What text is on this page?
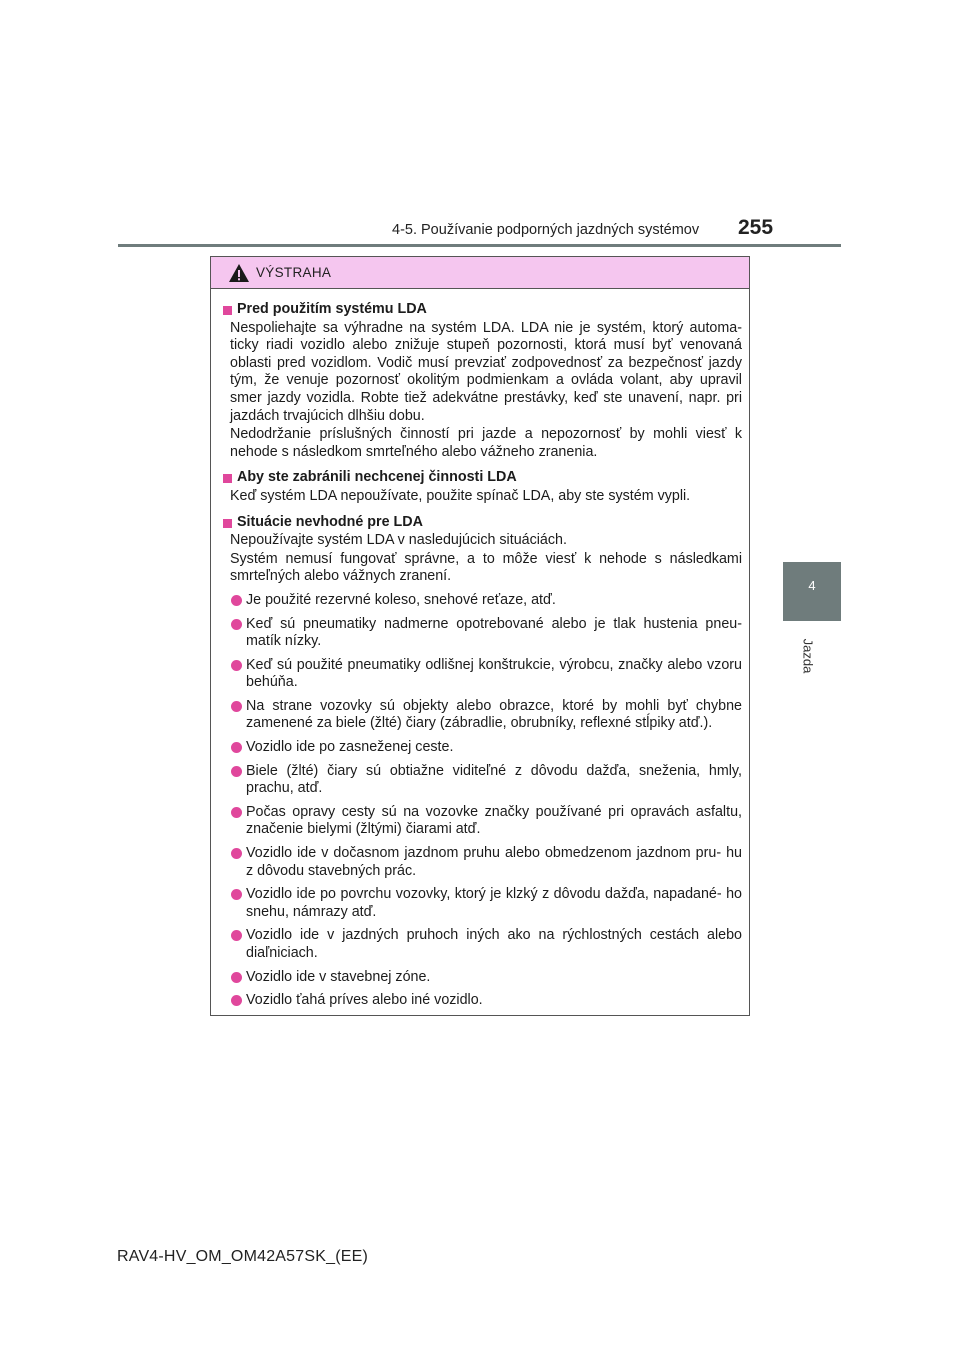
4-5. Používanie podporných jazdných systémov 255
4
Jazda
VÝSTRAHA
Pred použitím systému LDA

Nespoliehajte sa výhradne na systém LDA. LDA nie je systém, ktorý automa- ticky riadi vozidlo alebo znižuje stupeň pozornosti, ktorá musí byť venovaná oblasti pred vozidlom. Vodič musí prevziať zodpovednosť za bezpečnosť jazdy tým, že venuje pozornosť okolitým podmienkam a ovláda volant, aby upravil smer jazdy vozidla. Robte tiež adekvátne prestávky, keď ste unavení, napr. pri jazdách trvajúcich dlhšiu dobu.

Nedodržanie príslušných činností pri jazde a nepozornosť by mohli viesť k nehode s následkom smrteľného alebo vážneho zranenia.

Aby ste zabránili nechcenej činnosti LDA

Keď systém LDA nepoužívate, použite spínač LDA, aby ste systém vypli.

Situácie nevhodné pre LDA

Nepoužívajte systém LDA v nasledujúcich situáciách.

Systém nemusí fungovať správne, a to môže viesť k nehode s následkami smrteľných alebo vážnych zranení.

Je použité rezervné koleso, snehové reťaze, atď.
Keď sú pneumatiky nadmerne opotrebované alebo je tlak hustenia pneu- matík nízky.
Keď sú použité pneumatiky odlišnej konštrukcie, výrobcu, značky alebo vzoru behúňa.
Na strane vozovky sú objekty alebo obrazce, ktoré by mohli byť chybne zamenené za biele (žlté) čiary (zábradlie, obrubníky, reflexné stĺpiky atď.).
Vozidlo ide po zasneženej ceste.
Biele (žlté) čiary sú obtiažne viditeľné z dôvodu dažďa, sneženia, hmly, prachu, atď.
Počas opravy cesty sú na vozovke značky používané pri opravách asfaltu, značenie bielymi (žltými) čiarami atď.
Vozidlo ide v dočasnom jazdnom pruhu alebo obmedzenom jazdnom pru- hu z dôvodu stavebných prác.
Vozidlo ide po povrchu vozovky, ktorý je klzký z dôvodu dažďa, napadané- ho snehu, námrazy atď.
Vozidlo ide v jazdných pruhoch iných ako na rýchlostných cestách alebo diaľniciach.
Vozidlo ide v stavebnej zóne.
Vozidlo ťahá príves alebo iné vozidlo.
RAV4-HV_OM_OM42A57SK_(EE)
